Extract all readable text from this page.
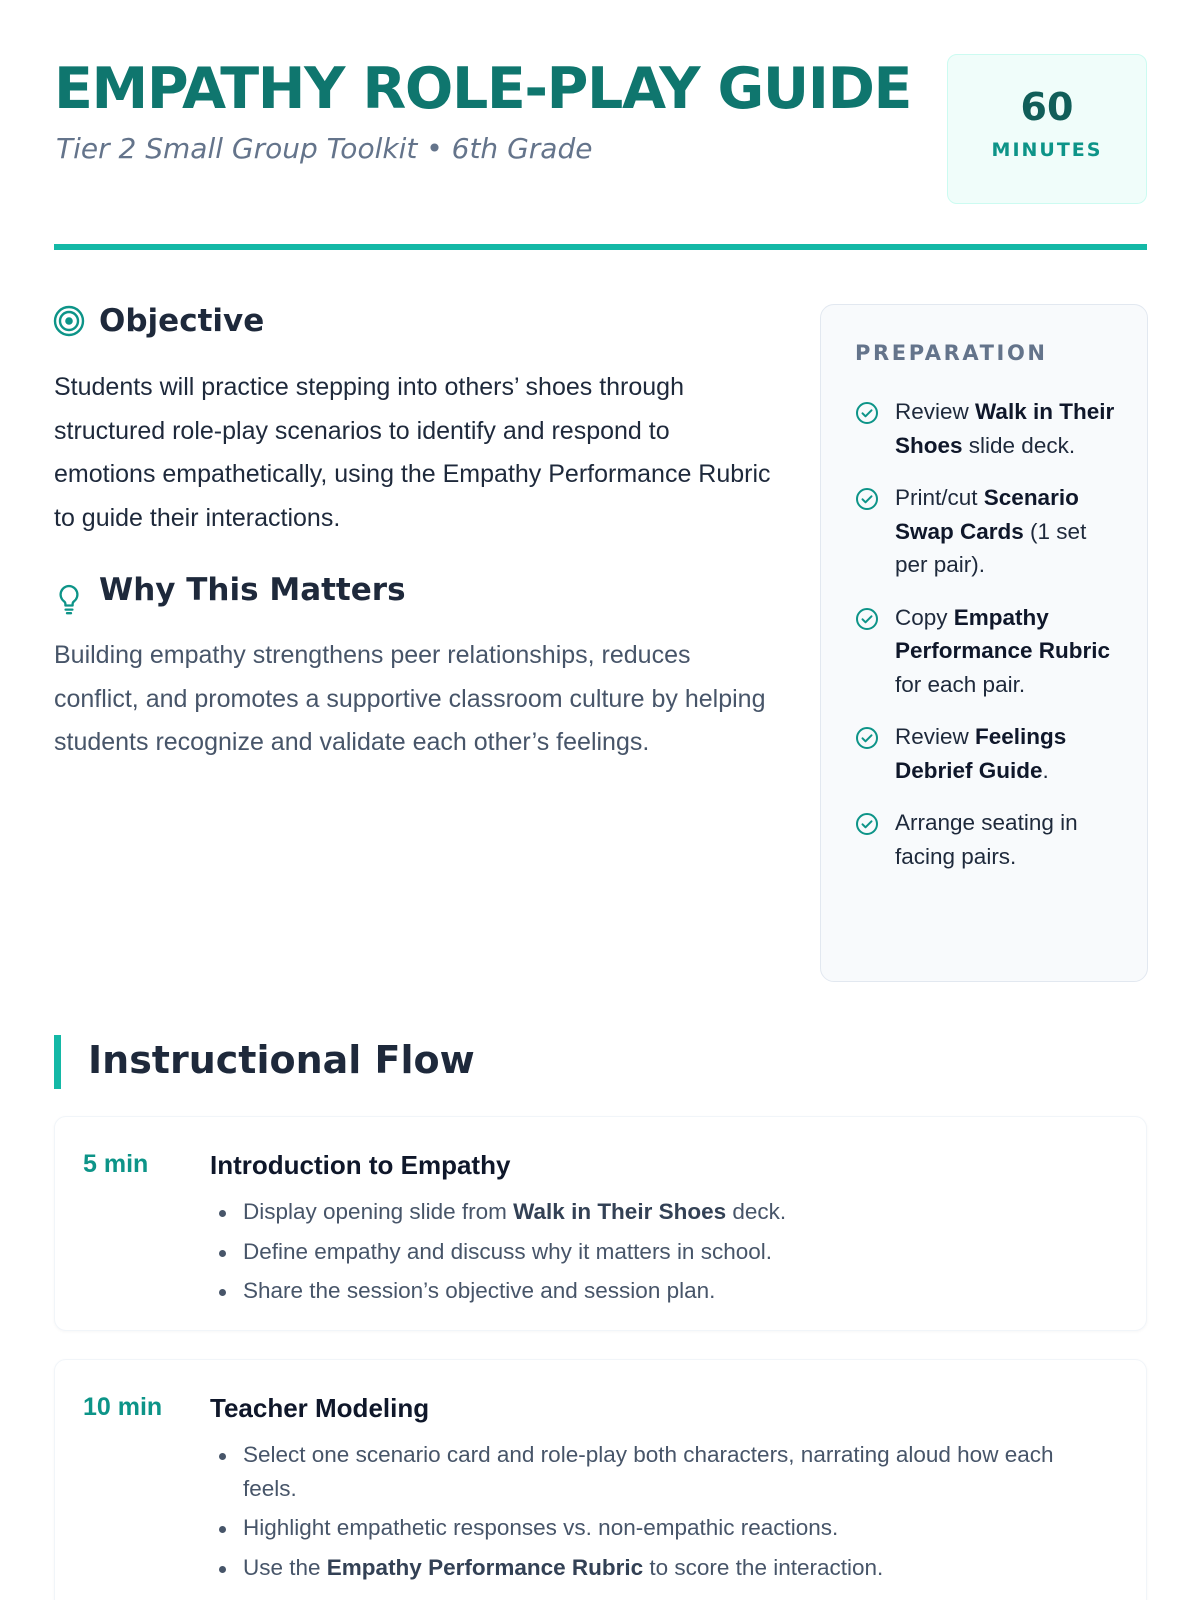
EMPATHY ROLE-PLAY GUIDE
Tier 2 Small Group Toolkit • 6th Grade
60
MINUTES
Objective

Students will practice stepping into others’ shoes through structured role-play scenarios to identify and respond to emotions empathetically, using the Empathy Performance Rubric to guide their interactions.

Why This Matters

Building empathy strengthens peer relationships, reduces conflict, and promotes a supportive classroom culture by helping students recognize and validate each other’s feelings.

PREPARATION
Review Walk in Their Shoes slide deck.
Print/cut Scenario Swap Cards (1 set per pair).
Copy Empathy Performance Rubric for each pair.
Review Feelings Debrief Guide.
Arrange seating in facing pairs.
Instructional Flow
5 min Introduction to Empathy
Display opening slide from Walk in Their Shoes deck.
Define empathy and discuss why it matters in school.
Share the session’s objective and session plan.
10 min Teacher Modeling
Select one scenario card and role-play both characters, narrating aloud how each feels.
Highlight empathetic responses vs. non-empathic reactions.
Use the Empathy Performance Rubric to score the interaction.
